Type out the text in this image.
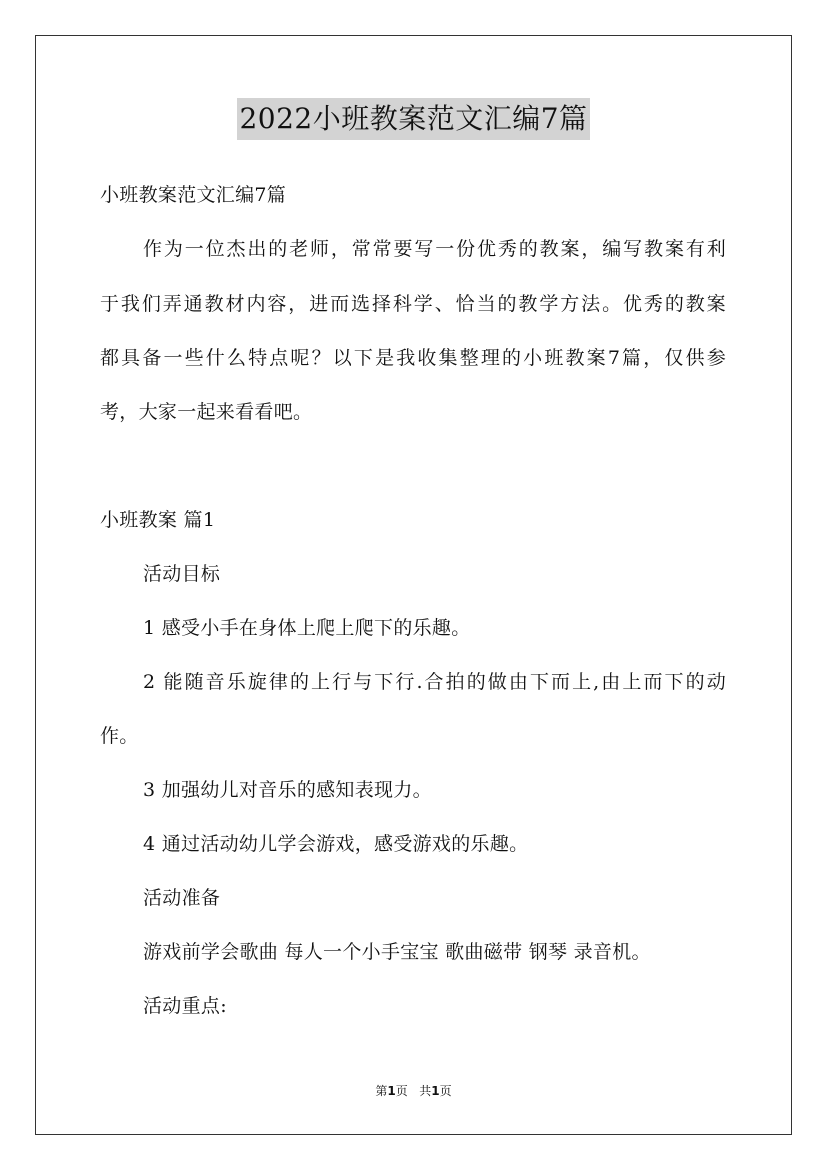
2022小班教案范文汇编7篇
小班教案范文汇编7篇
作为一位杰出的老师，常常要写一份优秀的教案，编写教案有利
于我们弄通教材内容，进而选择科学、恰当的教学方法。优秀的教案
都具备一些什么特点呢？以下是我收集整理的小班教案7篇，仅供参
考，大家一起来看看吧。
小班教案 篇1
活动目标
1 感受小手在身体上爬上爬下的乐趣。
2 能随音乐旋律的上行与下行.合拍的做由下而上,由上而下的动
作。
3 加强幼儿对音乐的感知表现力。
4 通过活动幼儿学会游戏，感受游戏的乐趣。
活动准备
游戏前学会歌曲 每人一个小手宝宝 歌曲磁带 钢琴 录音机。
活动重点:
第1页 共1页
